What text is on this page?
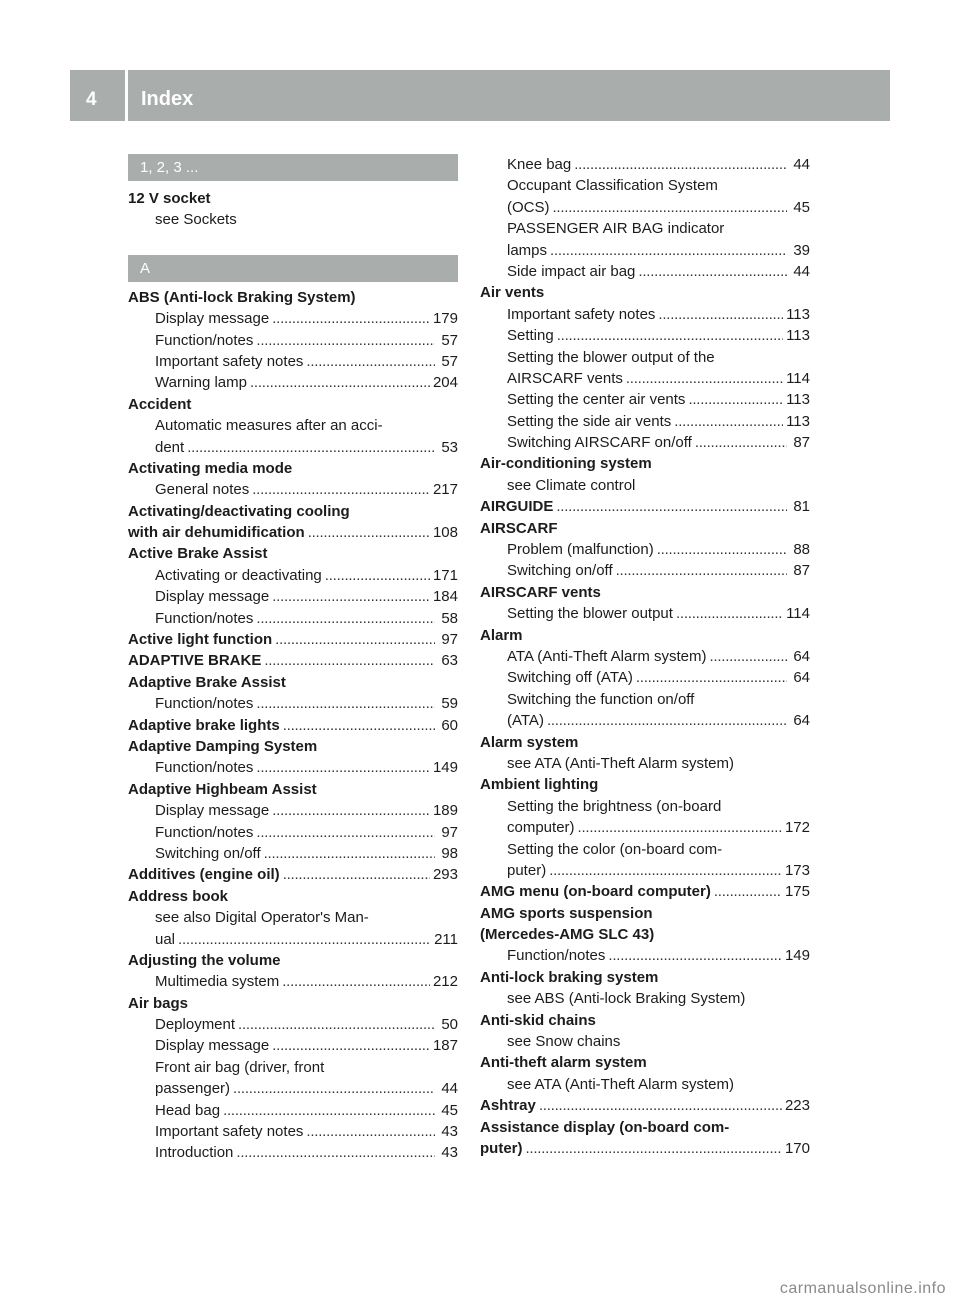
4 Index
1, 2, 3 ...
12 V socket
see Sockets
A
ABS (Anti-lock Braking System)
Display message . . .	179
Function/notes . . .	57
Important safety notes . . .	57
Warning lamp . . .	204
Accident
Automatic measures after an acci-
dent . . .	53
Activating media mode
General notes . . .	217
Activating/deactivating cooling
with air dehumidification . . .	108
Active Brake Assist
Activating or deactivating . . .	171
Display message . . .	184
Function/notes . . .	58
Active light function . . .	97
ADAPTIVE BRAKE . . .	63
Adaptive Brake Assist
Function/notes . . .	59
Adaptive brake lights . . .	60
Adaptive Damping System
Function/notes . . .	149
Adaptive Highbeam Assist
Display message . . .	189
Function/notes . . .	97
Switching on/off . . .	98
Additives (engine oil) . . .	293
Address book
see also Digital Operator's Man-
ual . . .	211
Adjusting the volume
Multimedia system . . .	212
Air bags
Deployment . . .	50
Display message . . .	187
Front air bag (driver, front
passenger) . . .	44
Head bag . . .	45
Important safety notes . . .	43
Introduction . . .	43
Knee bag . . .	44
Occupant Classification System
(OCS) . . .	45
PASSENGER AIR BAG indicator
lamps . . .	39
Side impact air bag . . .	44
Air vents
Important safety notes . . .	113
Setting . . .	113
Setting the blower output of the
AIRSCARF vents . . .	114
Setting the center air vents . . .	113
Setting the side air vents . . .	113
Switching AIRSCARF on/off . . .	87
Air-conditioning system
see Climate control
AIRGUIDE . . .	81
AIRSCARF
Problem (malfunction) . . .	88
Switching on/off . . .	87
AIRSCARF vents
Setting the blower output . . .	114
Alarm
ATA (Anti-Theft Alarm system) . . .	64
Switching off (ATA) . . .	64
Switching the function on/off
(ATA) . . .	64
Alarm system
see ATA (Anti-Theft Alarm system)
Ambient lighting
Setting the brightness (on-board
computer) . . .	172
Setting the color (on-board com-
puter) . . .	173
AMG menu (on-board computer) . . .	175
AMG sports suspension
(Mercedes-AMG SLC 43)
Function/notes . . .	149
Anti-lock braking system
see ABS (Anti-lock Braking System)
Anti-skid chains
see Snow chains
Anti-theft alarm system
see ATA (Anti-Theft Alarm system)
Ashtray . . .	223
Assistance display (on-board com-
puter) . . .	170
carmanualsonline.info
